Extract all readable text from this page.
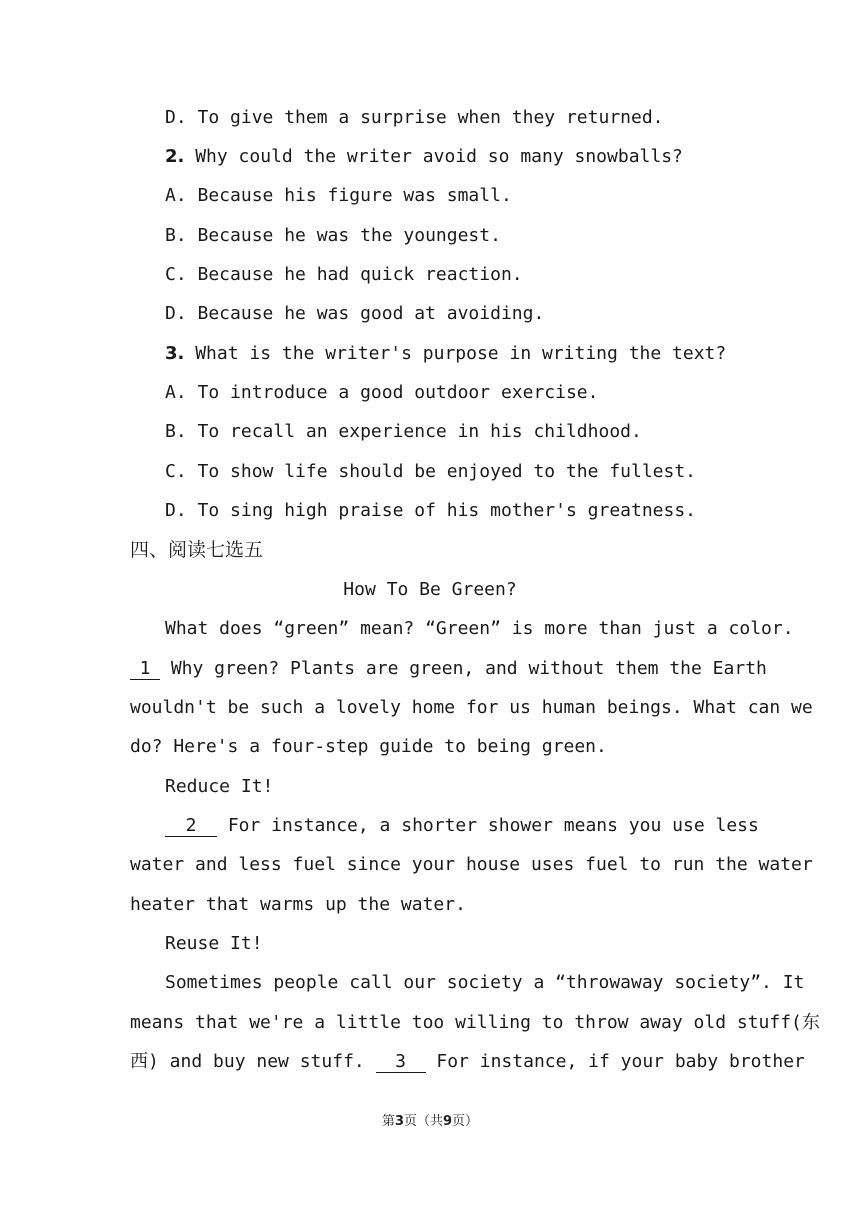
D. To give them a surprise when they returned.
2. Why could the writer avoid so many snowballs?
A. Because his figure was small.
B. Because he was the youngest.
C. Because he had quick reaction.
D. Because he was good at avoiding.
3. What is the writer's purpose in writing the text?
A. To introduce a good outdoor exercise.
B. To recall an experience in his childhood.
C. To show life should be enjoyed to the fullest.
D. To sing high praise of his mother's greatness.
四、阅读七选五
How To Be Green?
What does “green” mean? “Green” is more than just a color.
1 Why green? Plants are green, and without them the Earth
wouldn't be such a lovely home for us human beings. What can we
do? Here's a four-step guide to being green.
Reduce It!
2 For instance, a shorter shower means you use less
water and less fuel since your house uses fuel to run the water
heater that warms up the water.
Reuse It!
Sometimes people call our society a “throwaway society”. It
means that we're a little too willing to throw away old stuff(东
西) and buy new stuff. 3 For instance, if your baby brother
第3页（共9页）
